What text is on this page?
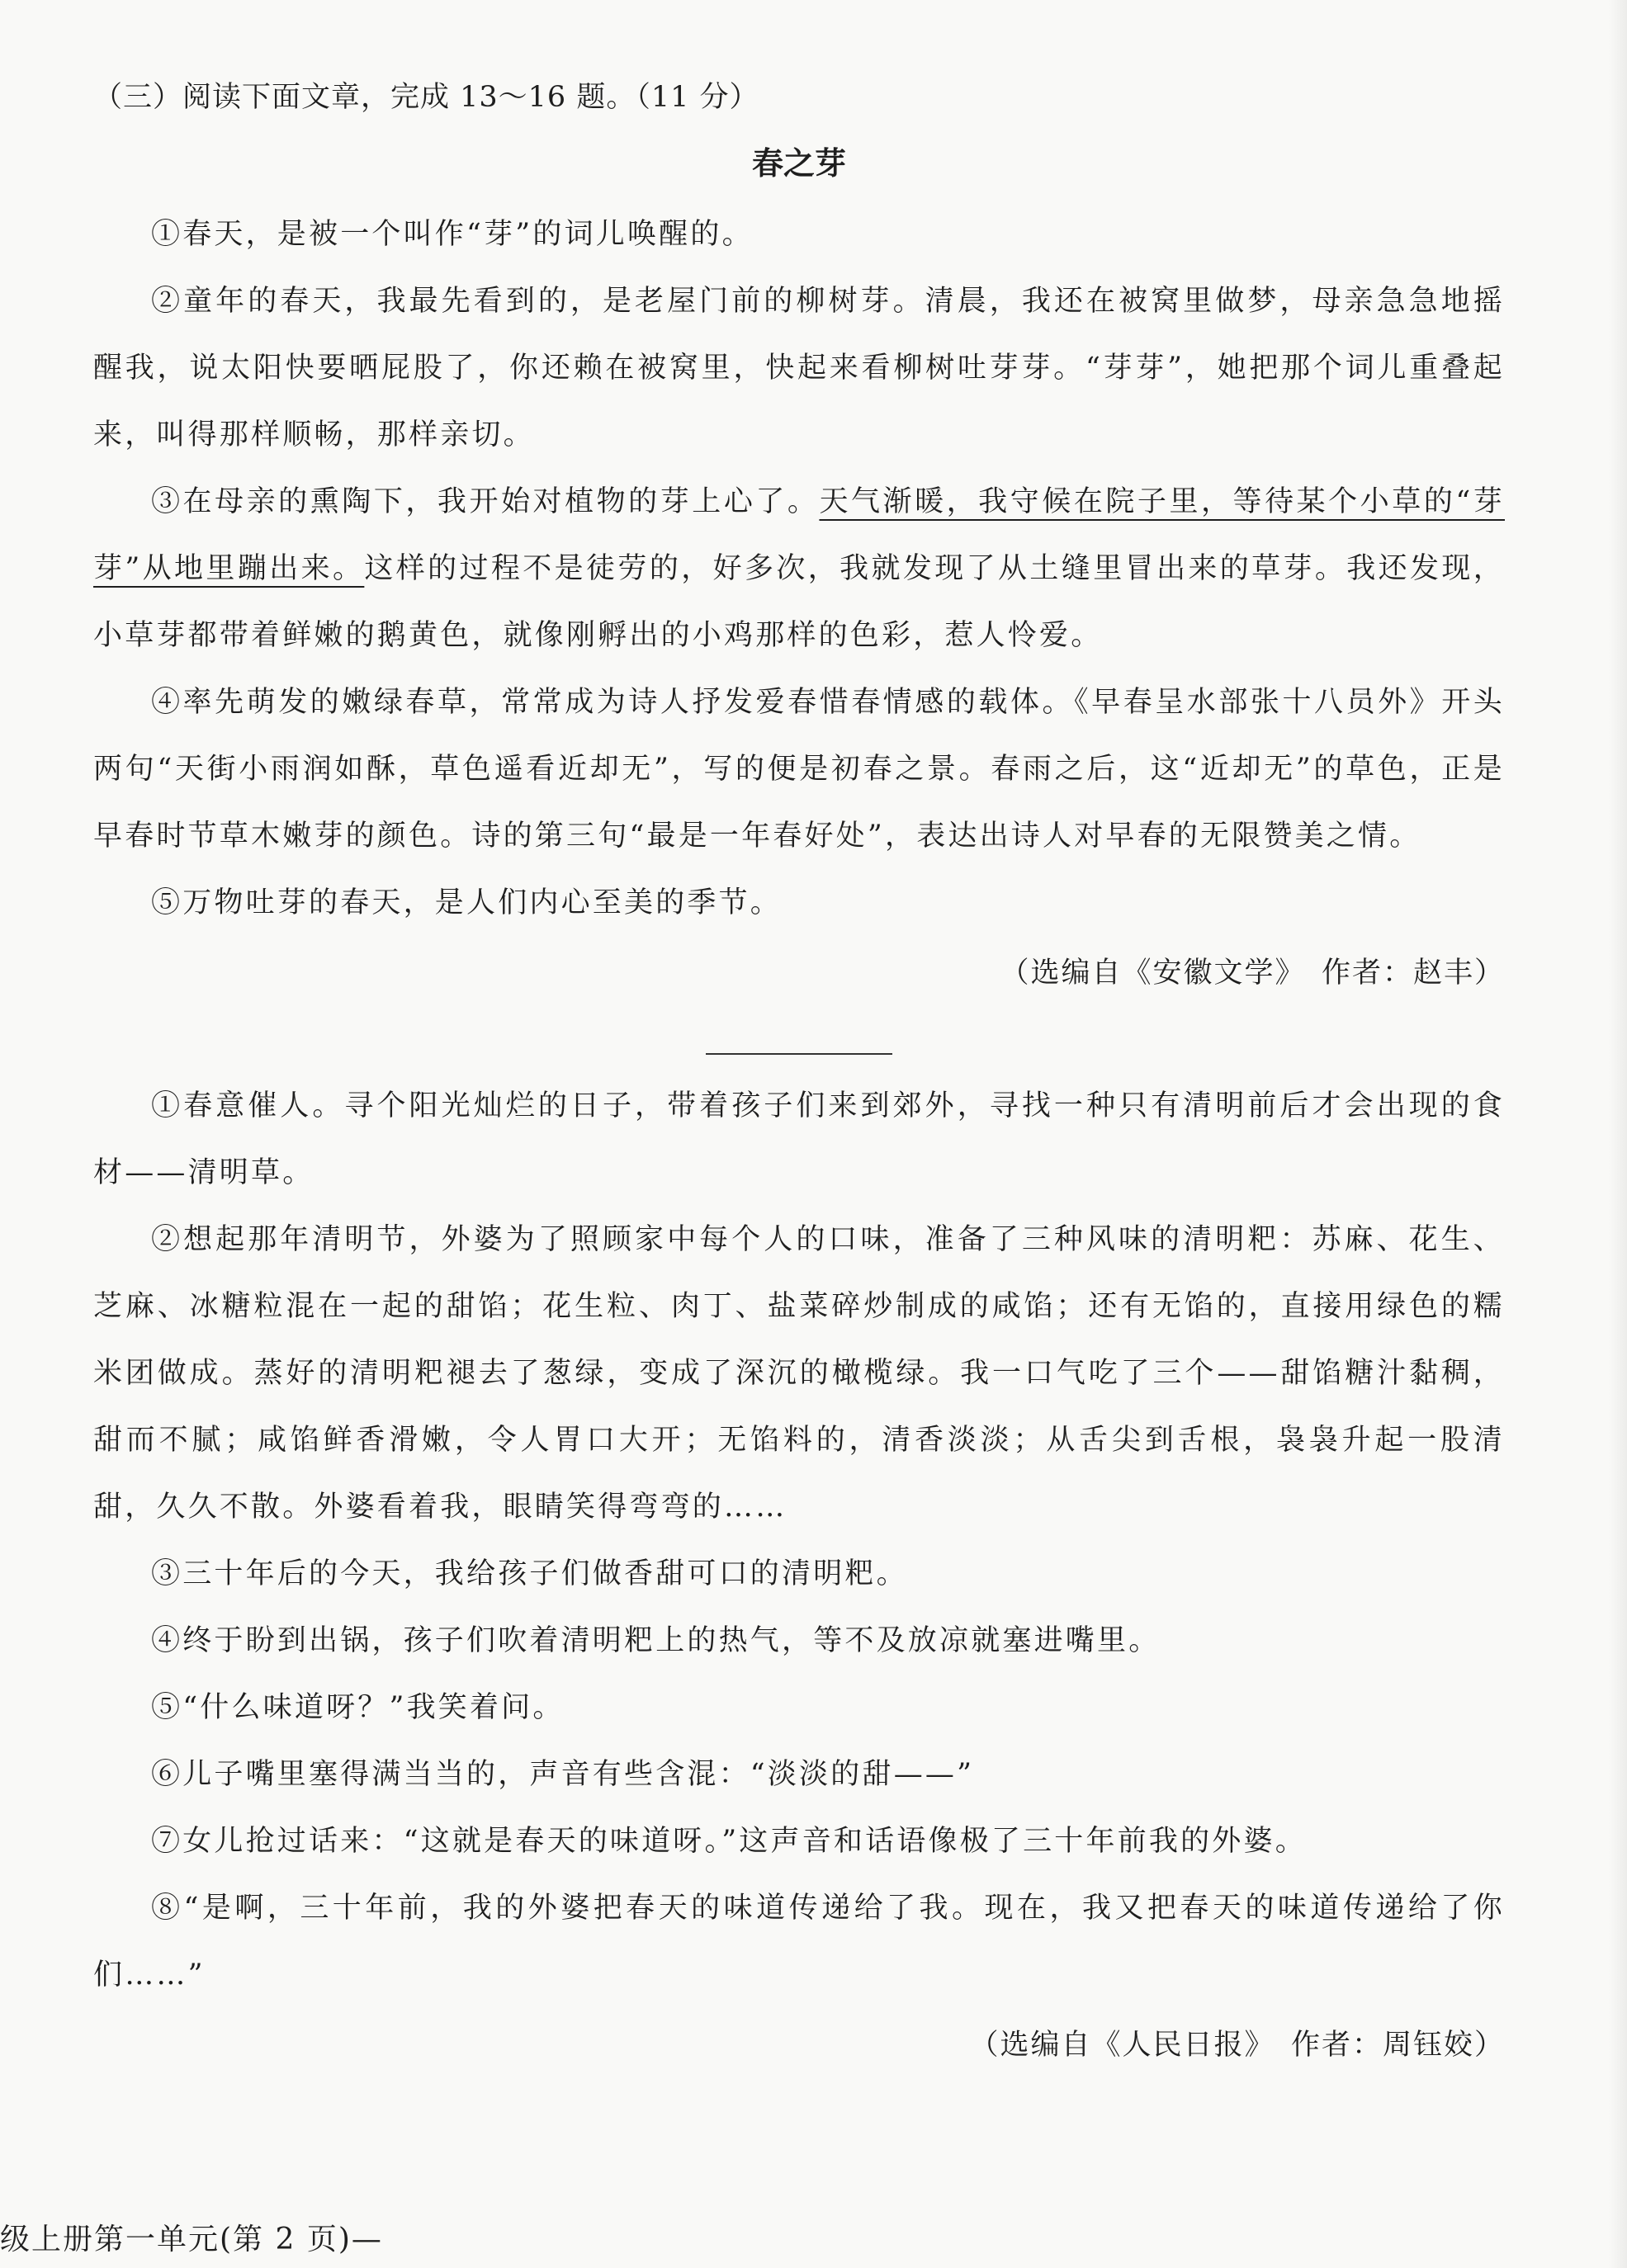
（三）阅读下面文章，完成 13～16 题。（11 分）

春之芽

①春天，是被一个叫作“芽”的词儿唤醒的。

②童年的春天，我最先看到的，是老屋门前的柳树芽。清晨，我还在被窝里做梦，母亲急急地摇醒我，说太阳快要晒屁股了，你还赖在被窝里，快起来看柳树吐芽芽。“芽芽”，她把那个词儿重叠起来，叫得那样顺畅，那样亲切。

③在母亲的熏陶下，我开始对植物的芽上心了。天气渐暖，我守候在院子里，等待某个小草的“芽芽”从地里蹦出来。这样的过程不是徒劳的，好多次，我就发现了从土缝里冒出来的草芽。我还发现，小草芽都带着鲜嫩的鹅黄色，就像刚孵出的小鸡那样的色彩，惹人怜爱。

④率先萌发的嫩绿春草，常常成为诗人抒发爱春惜春情感的载体。《早春呈水部张十八员外》开头两句“天街小雨润如酥，草色遥看近却无”，写的便是初春之景。春雨之后，这“近却无”的草色，正是早春时节草木嫩芽的颜色。诗的第三句“最是一年春好处”，表达出诗人对早春的无限赞美之情。

⑤万物吐芽的春天，是人们内心至美的季节。

（选编自《安徽文学》　作者：赵丰）

①春意催人。寻个阳光灿烂的日子，带着孩子们来到郊外，寻找一种只有清明前后才会出现的食材——清明草。

②想起那年清明节，外婆为了照顾家中每个人的口味，准备了三种风味的清明粑：苏麻、花生、芝麻、冰糖粒混在一起的甜馅；花生粒、肉丁、盐菜碎炒制成的咸馅；还有无馅的，直接用绿色的糯米团做成。蒸好的清明粑褪去了葱绿，变成了深沉的橄榄绿。我一口气吃了三个——甜馅糖汁黏稠，甜而不腻；咸馅鲜香滑嫩，令人胃口大开；无馅料的，清香淡淡；从舌尖到舌根，袅袅升起一股清甜，久久不散。外婆看着我，眼睛笑得弯弯的……

③三十年后的今天，我给孩子们做香甜可口的清明粑。

④终于盼到出锅，孩子们吹着清明粑上的热气，等不及放凉就塞进嘴里。

⑤“什么味道呀？”我笑着问。

⑥儿子嘴里塞得满当当的，声音有些含混：“淡淡的甜——”

⑦女儿抢过话来：“这就是春天的味道呀。”这声音和话语像极了三十年前我的外婆。

⑧“是啊，三十年前，我的外婆把春天的味道传递给了我。现在，我又把春天的味道传递给了你们……”

（选编自《人民日报》　作者：周钰姣）

级上册第一单元(第 2 页)—
